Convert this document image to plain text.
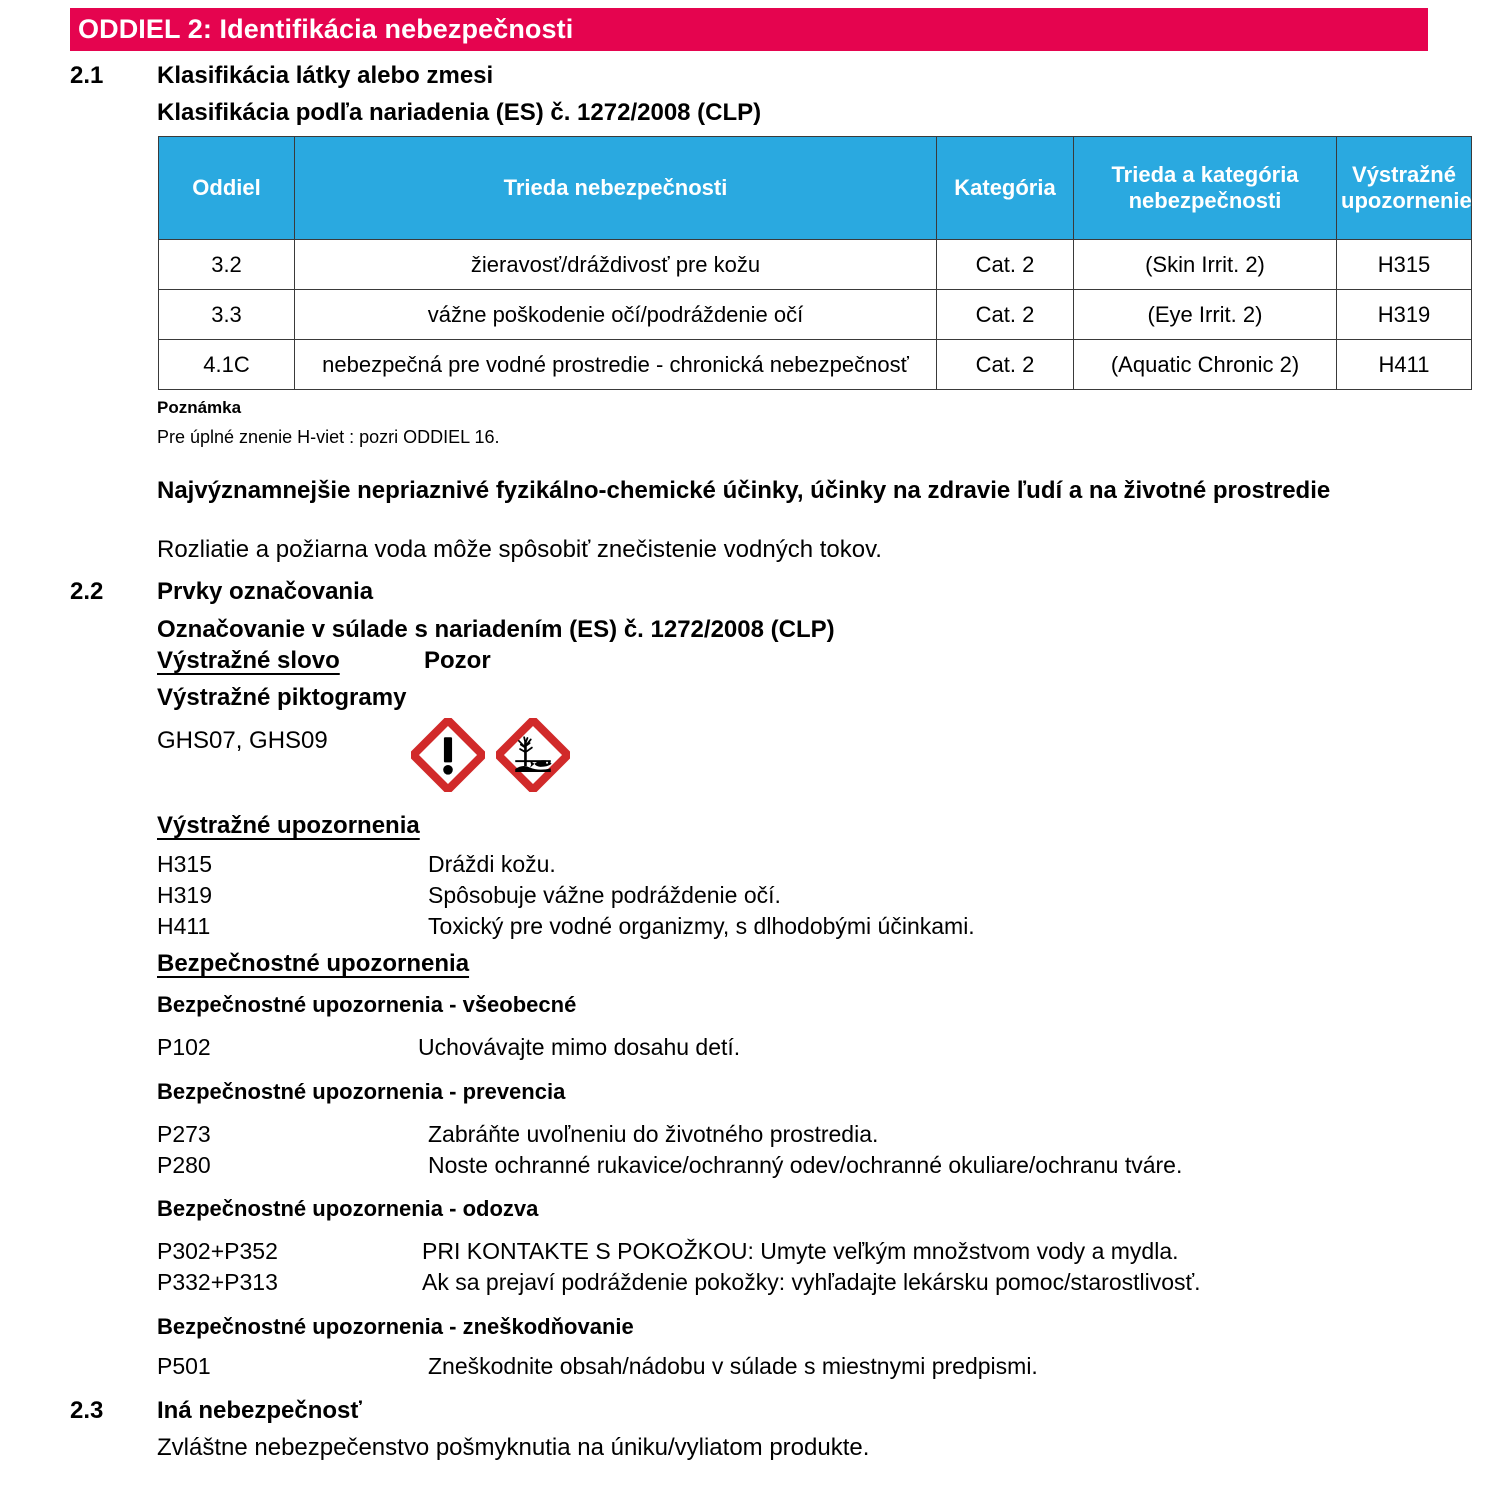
ODDIEL 2: Identifikácia nebezpečnosti
2.1 Klasifikácia látky alebo zmesi
Klasifikácia podľa nariadenia (ES) č. 1272/2008 (CLP)
Oddiel	Trieda nebezpečnosti	Kategória	Trieda a kategória nebezpečnosti	Výstražné upozornenie
3.2	žieravosť/dráždivosť pre kožu	Cat. 2	(Skin Irrit. 2)	H315
3.3	vážne poškodenie očí/podráždenie očí	Cat. 2	(Eye Irrit. 2)	H319
4.1C	nebezpečná pre vodné prostredie - chronická nebezpečnosť	Cat. 2	(Aquatic Chronic 2)	H411
Poznámka
Pre úplné znenie H-viet : pozri ODDIEL 16.
Najvýznamnejšie nepriaznivé fyzikálno-chemické účinky, účinky na zdravie ľudí a na životné prostredie
Rozliatie a požiarna voda môže spôsobiť znečistenie vodných tokov.
2.2 Prvky označovania
Označovanie v súlade s nariadením (ES) č. 1272/2008 (CLP)
Výstražné slovo	Pozor
Výstražné piktogramy
GHS07, GHS09
Výstražné upozornenia
H315	Dráždi kožu.
H319	Spôsobuje vážne podráždenie očí.
H411	Toxický pre vodné organizmy, s dlhodobými účinkami.
Bezpečnostné upozornenia
Bezpečnostné upozornenia - všeobecné
P102	Uchovávajte mimo dosahu detí.
Bezpečnostné upozornenia - prevencia
P273	Zabráňte uvoľneniu do životného prostredia.
P280	Noste ochranné rukavice/ochranný odev/ochranné okuliare/ochranu tváre.
Bezpečnostné upozornenia - odozva
P302+P352	PRI KONTAKTE S POKOŽKOU: Umyte veľkým množstvom vody a mydla.
P332+P313	Ak sa prejaví podráždenie pokožky: vyhľadajte lekársku pomoc/starostlivosť.
Bezpečnostné upozornenia - zneškodňovanie
P501	Zneškodnite obsah/nádobu v súlade s miestnymi predpismi.
2.3 Iná nebezpečnosť
Zvláštne nebezpečenstvo pošmyknutia na úniku/vyliatom produkte.
